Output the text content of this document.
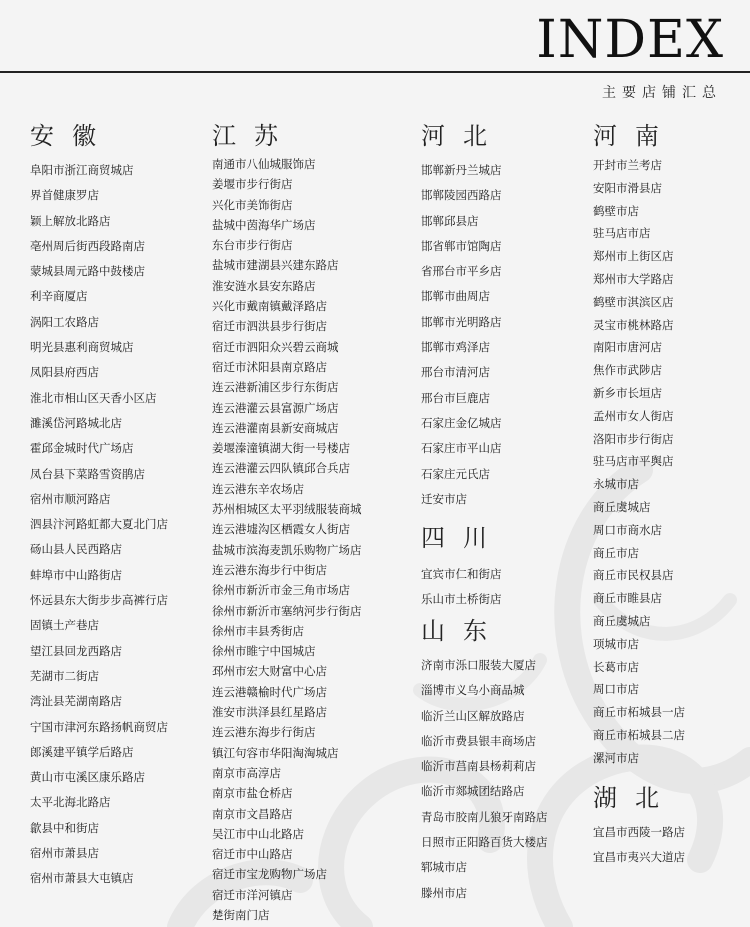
INDEX
主要店铺汇总
安徽
阜阳市浙江商贸城店
界首健康罗店
颖上解放北路店
亳州周后街西段路南店
蒙城县周元路中鼓楼店
利辛商厦店
涡阳工农路店
明光县惠利商贸城店
凤阳县府西店
淮北市相山区天香小区店
濉溪岱河路城北店
霍邱金城时代广场店
凤台县下菜路雪资鹃店
宿州市顺河路店
泗县汴河路虹都大夏北门店
砀山县人民西路店
蚌埠市中山路街店
怀远县东大街步步高裤行店
固镇土产巷店
望江县回龙西路店
芜湖市二街店
湾沚县芜湖南路店
宁国市津河东路扬帆商贸店
郎溪建平镇学后路店
黄山市屯溪区康乐路店
太平北海北路店
歙县中和街店
宿州市萧县店
宿州市萧县大屯镇店
江苏
南通市八仙城服饰店
姜堰市步行街店
兴化市美饰街店
盐城中茵海华广场店
东台市步行街店
盐城市建湖县兴建东路店
淮安涟水县安东路店
兴化市戴南镇戴泽路店
宿迁市泗洪县步行街店
宿迁市泗阳众兴碧云商城
宿迁市沭阳县南京路店
连云港新浦区步行东街店
连云港灌云县富源广场店
连云港灌南县新安商城店
姜堰溱潼镇湖大街一号楼店
连云港灌云四队镇邱合兵店
连云港东辛农场店
苏州相城区太平羽绒服装商城
连云港墟沟区栖霞女人街店
盐城市滨海麦凯乐购物广场店
连云港东海步行中街店
徐州市新沂市金三角市场店
徐州市新沂市塞纳河步行街店
徐州市丰县秀街店
徐州市睢宁中国城店
邳州市宏大财富中心店
连云港赣榆时代广场店
淮安市洪泽县红星路店
连云港东海步行街店
镇江句容市华阳淘淘城店
南京市高淳店
南京市盐仓桥店
南京市文昌路店
吴江市中山北路店
宿迁市中山路店
宿迁市宝龙购物广场店
宿迁市洋河镇店
楚街南门店
河北
邯郸新丹兰城店
邯郸陵园西路店
邯郸邱县店
邯省郸市馆陶店
省邢台市平乡店
邯郸市曲周店
邯郸市光明路店
邯郸市鸡泽店
邢台市清河店
邢台市巨鹿店
石家庄金亿城店
石家庄市平山店
石家庄元氏店
迁安市店
四川
宜宾市仁和街店
乐山市土桥街店
山东
济南市泺口服装大厦店
淄博市义乌小商品城
临沂兰山区解放路店
临沂市费县银丰商场店
临沂市莒南县杨莉莉店
临沂市郯城团结路店
青岛市胶南儿狼牙南路店
日照市正阳路百货大楼店
郓城市店
滕州市店
河南
开封市兰考店
安阳市滑县店
鹤壁市店
驻马店市店
郑州市上街区店
郑州市大学路店
鹤壁市淇滨区店
灵宝市桃林路店
南阳市唐河店
焦作市武陟店
新乡市长垣店
孟州市女人街店
洛阳市步行街店
驻马店市平舆店
永城市店
商丘虞城店
周口市商水店
商丘市店
商丘市民权县店
商丘市睢县店
商丘虞城店
项城市店
长葛市店
周口市店
商丘市柘城县一店
商丘市柘城县二店
漯河市店
湖北
宜昌市西陵一路店
宜昌市夷兴大道店
